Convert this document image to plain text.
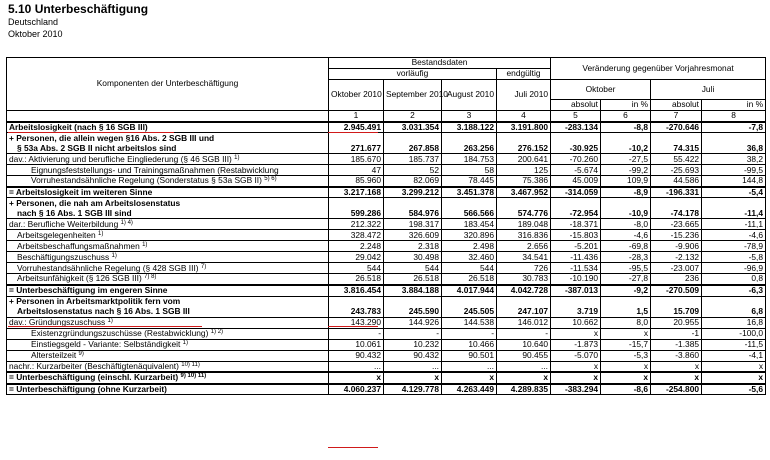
5.10 Unterbeschäftigung
Deutschland
Oktober 2010
Komponenten der Unterbeschäftigung	Bestandsdaten				Veränderung gegenüber Vorjahresmonat			
	vorläufig			endgültig				
	Oktober 2010	September 2010	August 2010	Juli 2010	Oktober		Juli	
					absolut	in %	absolut	in %
	1	2	3	4	5	6	7	8

Arbeitslosigkeit (nach § 16 SGB III)	2.945.491	3.031.354	3.188.122	3.191.800	-283.134	-8,8	-270.646	-7,8

+ Personen, die allein wegen §16 Abs. 2 SGB III und
§ 53a Abs. 2 SGB II nicht arbeitslos sind	271.677	267.858	263.256	276.152	-30.925	-10,2	74.315	36,8

dav.: Aktivierung und berufliche Eingliederung (§ 46 SGB III) $^{1)}$	185.670	185.737	184.753	200.641	-70.260	-27,5	55.422	38,2

Eignungsfeststellungs- und Trainingsmaßnahmen (Restabwicklung	47	52	58	125	-5.674	-99,2	-25.693	-99,5

Vorruhestandsähnliche Regelung (Sonderstatus § 53a SGB II) $^{5) 6)}$	85.960	82.069	78.445	75.386	45.009	109,9	44.586	144,8

= Arbeitslosigkeit im weiteren Sinne	3.217.168	3.299.212	3.451.378	3.467.952	-314.059	-8,9	-196.331	-5,4

+ Personen, die nah am Arbeitslosenstatus
nach § 16 Abs. 1 SGB III sind	599.286	584.976	566.566	574.776	-72.954	-10,9	-74.178	-11,4

dar.: Berufliche Weiterbildung $^{1) 4)}$	212.322	198.317	183.454	189.048	-18.371	-8,0	-23.665	-11,1

Arbeitsgelegenheiten $^{1)}$	328.472	326.609	320.896	316.836	-15.803	-4,6	-15.236	-4,6

Arbeitsbeschaffungsmaßnahmen $^{1)}$	2.248	2.318	2.498	2.656	-5.201	-69,8	-9.906	-78,9

Beschäftigungszuschuss $^{1)}$	29.042	30.498	32.460	34.541	-11.436	-28,3	-2.132	-5,8

Vorruhestandsähnliche Regelung (§ 428 SGB III) $^{7)}$	544	544	544	726	-11.534	-95,5	-23.007	-96,9

Arbeitsunfähigkeit (§ 126 SGB III) $^{7) 8)}$	26.518	26.518	26.518	30.783	-10.190	-27,8	236	0,8

= Unterbeschäftigung im engeren Sinne	3.816.454	3.884.188	4.017.944	4.042.728	-387.013	-9,2	-270.509	-6,3

+ Personen in Arbeitsmarktpolitik fern vom
Arbeitslosenstatus nach § 16 Abs. 1 SGB III	243.783	245.590	245.505	247.107	3.719	1,5	15.709	6,8

dav.: Gründungszuschuss $^{1)}$	143.290	144.926	144.538	146.012	10.662	8,0	20.955	16,8

Existenzgründungszuschüsse (Restabwicklung) $^{1) 2)}$	-	-	-	-	x	x	-1	-100,0

Einstiegsgeld - Variante: Selbständigkeit $^{1)}$	10.061	10.232	10.466	10.640	-1.873	-15,7	-1.385	-11,5

Altersteilzeit $^{9)}$	90.432	90.432	90.501	90.455	-5.070	-5,3	-3.860	-4,1

nachr.: Kurzarbeiter (Beschäftigtenäquivalent) $^{10) 11)}$	...	...	...	...	x	x	x	x

= Unterbeschäftigung (einschl. Kurzarbeit) $^{9) 10) 11)}$	x	x	x	x	x	x	x	x

= Unterbeschäftigung (ohne Kurzarbeit)	4.060.237	4.129.778	4.263.449	4.289.835	-383.294	-8,6	-254.800	-5,6
